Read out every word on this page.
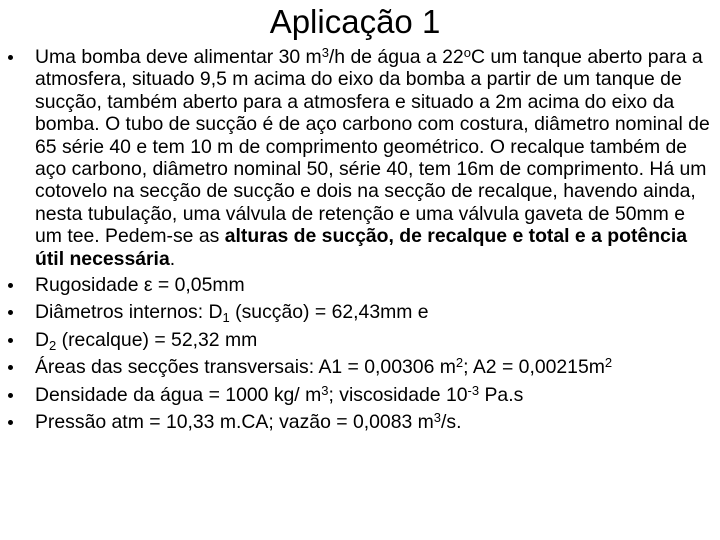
Aplicação 1
Uma bomba deve alimentar 30 $m^3/h$ de água a 22$^o$C um tanque aberto para a atmosfera, situado 9,5 m acima do eixo da bomba a partir de um tanque de sucção, também aberto para a atmosfera e situado a 2m acima do eixo da bomba. O tubo de sucção é de aço carbono com costura, diâmetro nominal de 65 série 40 e tem 10 m de comprimento geométrico. O recalque também de aço carbono, diâmetro nominal 50, série 40, tem 16m de comprimento. Há um cotovelo na secção de sucção e dois na secção de recalque, havendo ainda, nesta tubulação, uma válvula de retenção e uma válvula gaveta de 50mm e um tee. Pedem-se as alturas de sucção, de recalque e total e a potência útil necessária.
Rugosidade ε = 0,05mm
Diâmetros internos: $D_1$ (sucção) = 62,43mm e
$D_2$ (recalque) = 52,32 mm
Áreas das secções transversais: A1 = 0,00306 $m^2$; $A2 = 0,00215m^2$
Densidade da água = 1000 kg/ $m^3$; viscosidade $10^{-3}$ Pa.s
Pressão atm = 10,33 m.CA; vazão = 0,0083 $m^3/s$.
